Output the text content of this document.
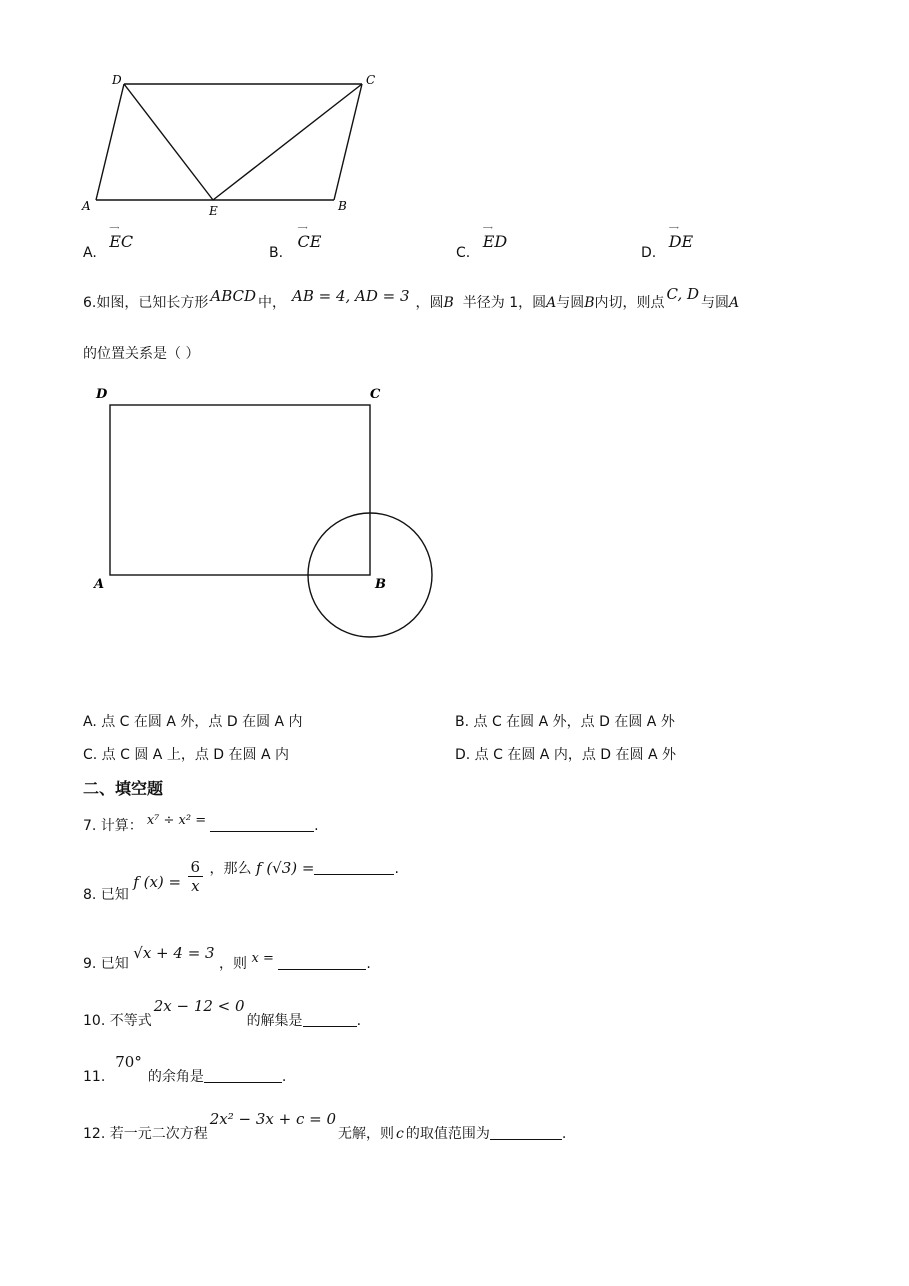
D	C
A	E	B
A.
⟶
EC
B.
⟶
CE
C.
⟶
ED
D.
⟶
DE
6.如图，已知长方形 ABCD 中， AB = 4, AD = 3 ，圆B 半径为 1，圆A与圆B内切，则点 C, D 与圆A
的位置关系是（ ）
D	C
A	B
A. 点 C 在圆 A 外，点 D 在圆 A 内	B. 点 C 在圆 A 外，点 D 在圆 A 外
C. 点 C 圆 A 上，点 D 在圆 A 内	D. 点 C 在圆 A 内，点 D 在圆 A 外
二、填空题
7. 计算： x⁷ ÷ x² =	.
8. 已知 f $(x) = \frac{6}{x}$ ，那么 f (√3) =	.
9. 已知 √x + 4 = 3 ，则 x =	.
10. 不等式2x − 12 < 0的解集是	.
11.70°的余角是	.
12. 若一元二次方程2x² − 3x + c = 0无解，则 c 的取值范围为	.
